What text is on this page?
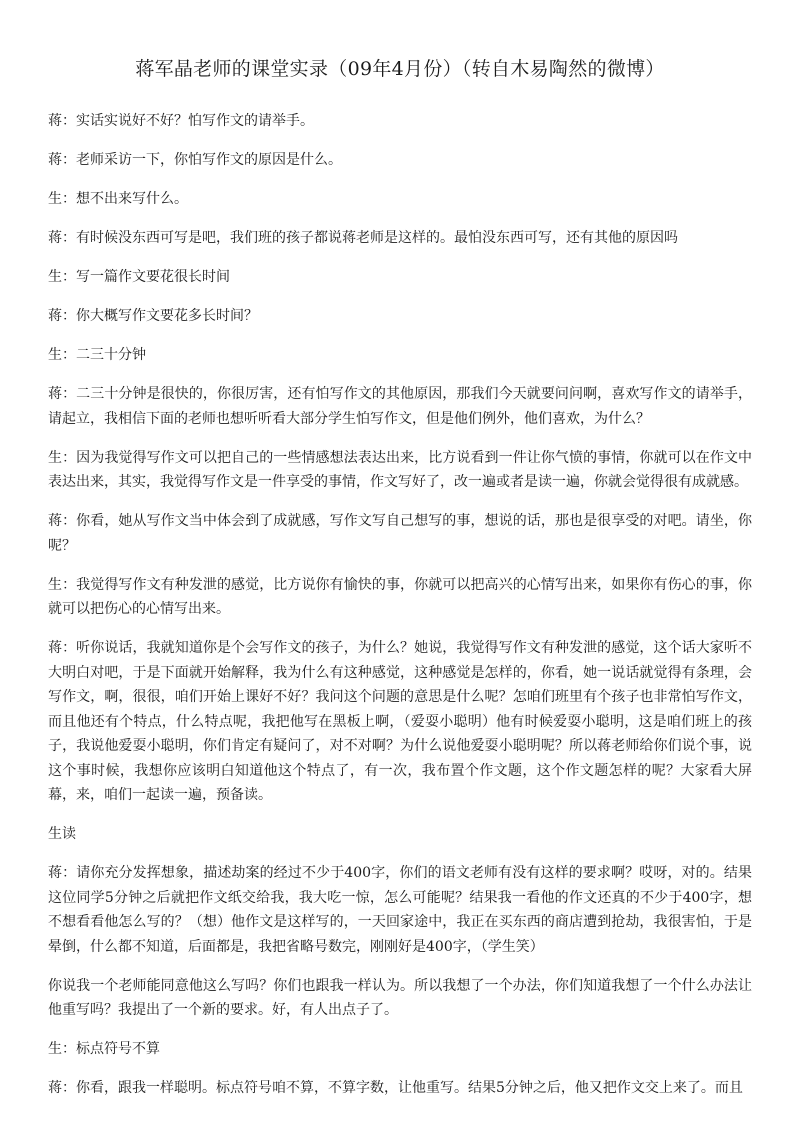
蒋军晶老师的课堂实录（09年4月份）（转自木易陶然的微博）

蒋：实话实说好不好？怕写作文的请举手。

蒋：老师采访一下，你怕写作文的原因是什么。

生：想不出来写什么。

蒋：有时候没东西可写是吧，我们班的孩子都说蒋老师是这样的。最怕没东西可写，还有其他的原因吗

生：写一篇作文要花很长时间

蒋：你大概写作文要花多长时间？

生：二三十分钟

蒋：二三十分钟是很快的，你很厉害，还有怕写作文的其他原因，那我们今天就要问问啊，喜欢写作文的请举手，请起立，我相信下面的老师也想听听看大部分学生怕写作文，但是他们例外，他们喜欢，为什么？

生：因为我觉得写作文可以把自己的一些情感想法表达出来，比方说看到一件让你气愤的事情，你就可以在作文中表达出来，其实，我觉得写作文是一件享受的事情，作文写好了，改一遍或者是读一遍，你就会觉得很有成就感。

蒋：你看，她从写作文当中体会到了成就感，写作文写自己想写的事，想说的话，那也是很享受的对吧。请坐，你呢？

生：我觉得写作文有种发泄的感觉，比方说你有愉快的事，你就可以把高兴的心情写出来，如果你有伤心的事，你就可以把伤心的心情写出来。

蒋：听你说话，我就知道你是个会写作文的孩子，为什么？她说，我觉得写作文有种发泄的感觉，这个话大家听不大明白对吧，于是下面就开始解释，我为什么有这种感觉，这种感觉是怎样的，你看，她一说话就觉得有条理，会写作文，啊，很很，咱们开始上课好不好？我问这个问题的意思是什么呢？怎咱们班里有个孩子也非常怕写作文，而且他还有个特点，什么特点呢，我把他写在黑板上啊，（爱耍小聪明）他有时候爱耍小聪明，这是咱们班上的孩子，我说他爱耍小聪明，你们肯定有疑问了，对不对啊？为什么说他爱耍小聪明呢？所以蒋老师给你们说个事，说这个事时候，我想你应该明白知道他这个特点了，有一次，我布置个作文题，这个作文题怎样的呢？大家看大屏幕，来，咱们一起读一遍，预备读。

生读

蒋：请你充分发挥想象，描述劫案的经过不少于400字，你们的语文老师有没有这样的要求啊？哎呀，对的。结果这位同学5分钟之后就把作文纸交给我，我大吃一惊，怎么可能呢？结果我一看他的作文还真的不少于400字，想不想看看他怎么写的？（想）他作文是这样写的，一天回家途中，我正在买东西的商店遭到抢劫，我很害怕，于是晕倒，什么都不知道，后面都是，我把省略号数完，刚刚好是400字，（学生笑）

你说我一个老师能同意他这么写吗？你们也跟我一样认为。所以我想了一个办法，你们知道我想了一个什么办法让他重写吗？我提出了一个新的要求。好，有人出点子了。

生：标点符号不算

蒋：你看，跟我一样聪明。标点符号咱不算，不算字数，让他重写。结果5分钟之后，他又把作文交上来了。而且
